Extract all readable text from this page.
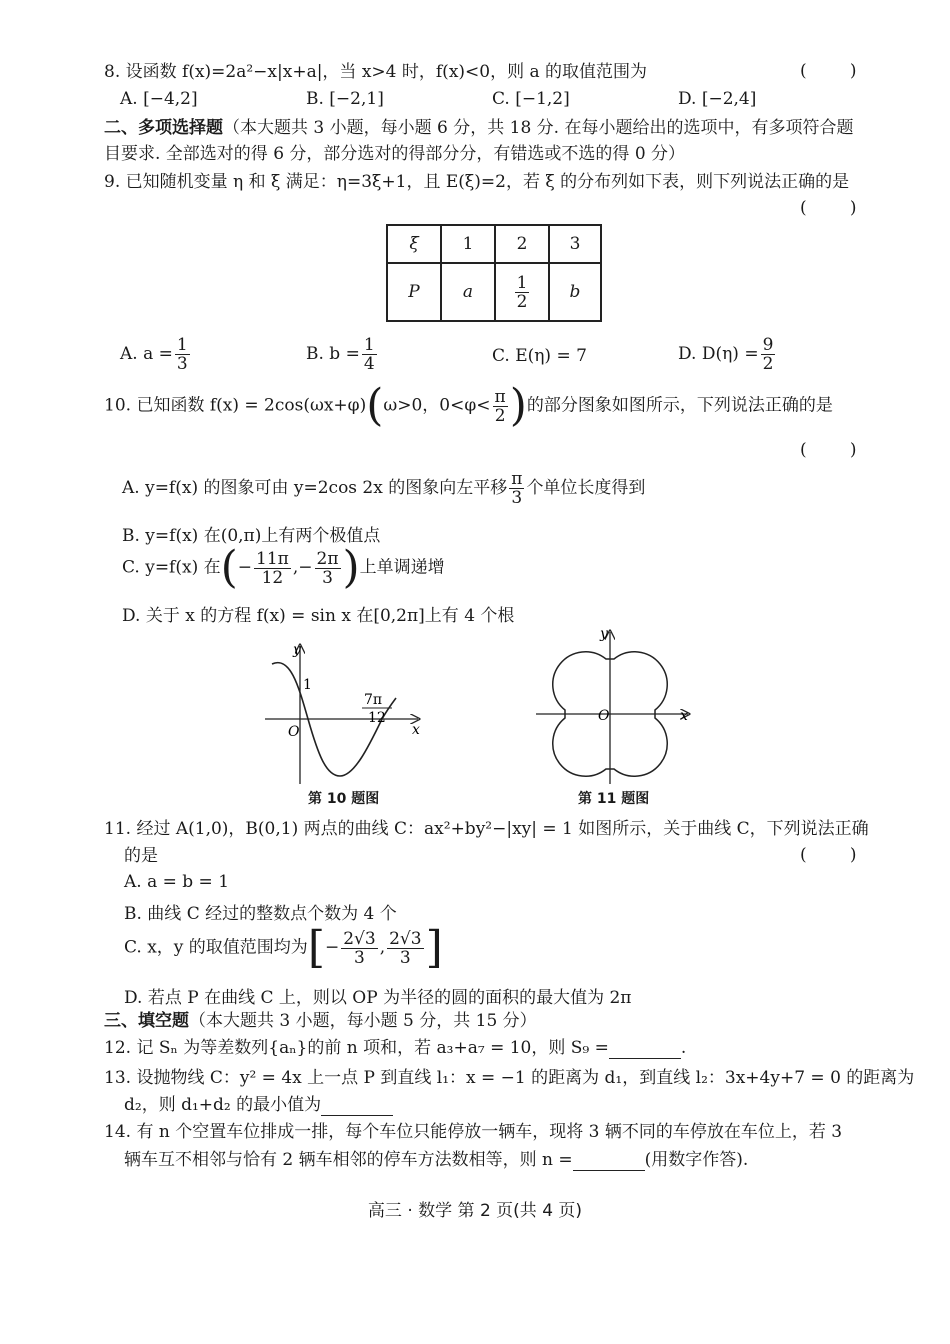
8. 设函数 f(x)=2a²−x|x+a|，当 x>4 时，f(x)<0，则 a 的取值范围为	(        )
A. [−4,2]	B. [−2,1]	C. [−1,2]	D. [−2,4]
二、多项选择题（本大题共 3 小题，每小题 6 分，共 18 分. 在每小题给出的选项中，有多项符合题
目要求. 全部选对的得 6 分，部分选对的得部分分，有错选或不选的得 0 分）
9. 已知随机变量 η 和 ξ 满足：η=3ξ+1，且 E(ξ)=2，若 ξ 的分布列如下表，则下列说法正确的是
(        )
ξ	1	2	3
P	a	$\frac{1}{2}$	b
A. $a = \frac{1}{3}$	B. $b = \frac{1}{4}$	C. E(η) = 7	D. $D(\eta) = \frac{9}{2}$
10. 已知函数 f(x) = 2cos(ωx+φ)(ω>0，$0<\varphi< \frac{\pi}{2}$ )的部分图象如图所示，下列说法正确的是
(        )
A. y=f(x) 的图象可由 y=2cos 2x 的图象向左平移 $\frac{\pi}{3}$ 个单位长度得到
B. y=f(x) 在(0,π)上有两个极值点
C. y=f(x) 在(− $\frac{11\pi}{12}$ ,− $\frac{2\pi}{3}$ )上单调递增
D. 关于 x 的方程 f(x) = sin x 在[0,2π]上有 4 个根
y
x
O
1
7π
12
第 10 题图
y
x
O
第 11 题图
11. 经过 A(1,0)，B(0,1) 两点的曲线 C：ax²+by²−|xy| = 1 如图所示，关于曲线 C，下列说法正确
的是	(        )
A. a = b = 1
B. 曲线 C 经过的整数点个数为 4 个
C. x，y 的取值范围均为[− $\frac{2√3}{3}$ , $\frac{2√3}{3}$ ]
D. 若点 P 在曲线 C 上，则以 OP 为半径的圆的面积的最大值为 2π
三、填空题（本大题共 3 小题，每小题 5 分，共 15 分）
12. 记 Sₙ 为等差数列{aₙ}的前 n 项和，若 a₃+a₇ = 10，则 S₉ =	.
13. 设抛物线 C：y² = 4x 上一点 P 到直线 l₁：x = −1 的距离为 d₁，到直线 l₂：3x+4y+7 = 0 的距离为
d₂，则 d₁+d₂ 的最小值为
14. 有 n 个空置车位排成一排，每个车位只能停放一辆车，现将 3 辆不同的车停放在车位上，若 3
辆车互不相邻与恰有 2 辆车相邻的停车方法数相等，则 n =	(用数字作答).
高三 · 数学 第 2 页(共 4 页)
